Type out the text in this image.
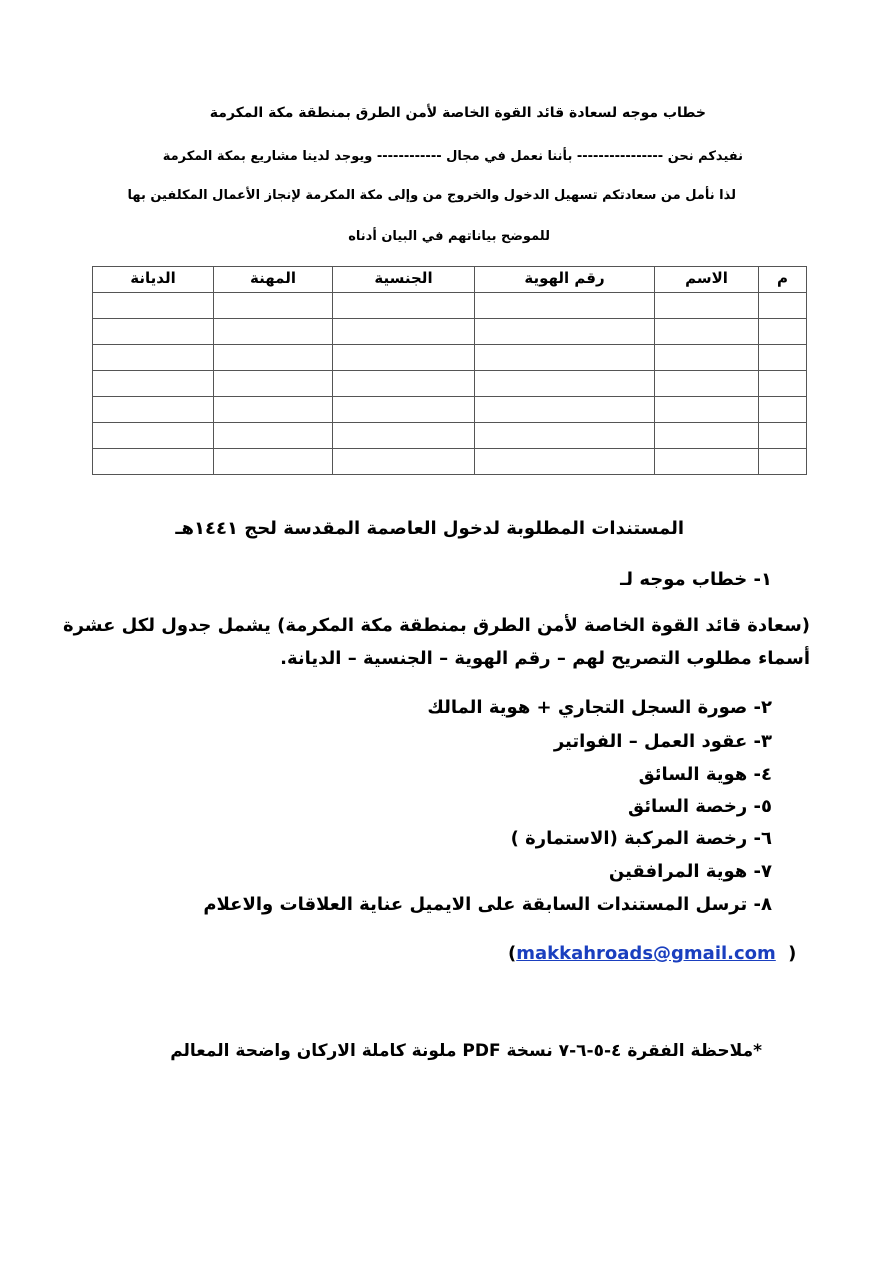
خطاب موجه لسعادة قائد القوة الخاصة لأمن الطرق بمنطقة مكة المكرمة
نفيدكم نحن ---------------- بأننا نعمل في مجال ------------ ويوجد لدينا مشاريع بمكة المكرمة
لذا نأمل من سعادتكم تسهيل الدخول والخروج من وإلى مكة المكرمة لإنجاز الأعمال المكلفين بها
للموضح بياناتهم في البيان أدناه
م	الاسم	رقم الهوية	الجنسية	المهنة	الديانة

المستندات المطلوبة لدخول العاصمة المقدسة لحج ١٤٤١هـ
١- خطاب موجه لـ
(سعادة قائد القوة الخاصة لأمن الطرق بمنطقة مكة المكرمة) يشمل جدول لكل عشرة
أسماء مطلوب التصريح لهم – رقم الهوية – الجنسية – الديانة.
٢- صورة السجل التجاري + هوية المالك
٣- عقود العمل – الفواتير
٤- هوية السائق
٥- رخصة السائق
٦- رخصة المركبة (الاستمارة )
٧- هوية المرافقين
٨- ترسل المستندات السابقة على الايميل عناية العلاقات والاعلام
(makkahroads@gmail.com )
*ملاحظة الفقرة ٤-٥-٦-٧ نسخة PDF ملونة كاملة الاركان واضحة المعالم
